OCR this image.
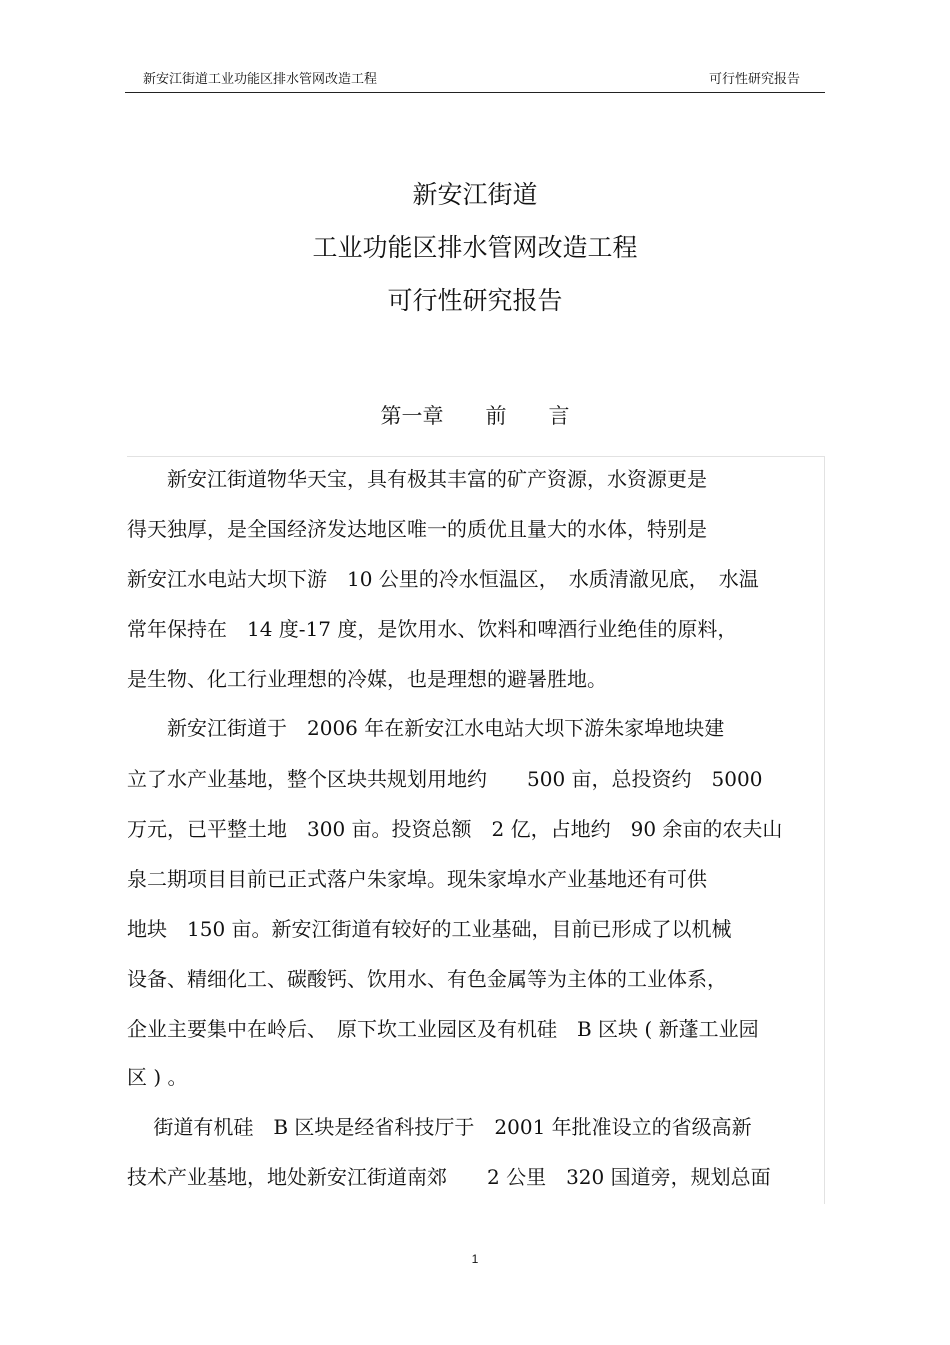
新安江街道工业功能区排水管网改造工程	可行性研究报告
新安江街道
工业功能区排水管网改造工程
可行性研究报告
第一章 前 言
　　新安江街道物华天宝，具有极其丰富的矿产资源，水资源更是
得天独厚，是全国经济发达地区唯一的质优且量大的水体，特别是
新安江水电站大坝下游　10 公里的冷水恒温区，　水质清澈见底，　水温
常年保持在　14 度-17 度，是饮用水、饮料和啤酒行业绝佳的原料，
是生物、化工行业理想的冷媒，也是理想的避暑胜地。
　　新安江街道于　2006 年在新安江水电站大坝下游朱家埠地块建
立了水产业基地，整个区块共规划用地约　　500 亩，总投资约　5000
万元，已平整土地　300 亩。投资总额　2 亿，占地约　90 余亩的农夫山
泉二期项目目前已正式落户朱家埠。现朱家埠水产业基地还有可供
地块　150 亩。新安江街道有较好的工业基础，目前已形成了以机械
设备、精细化工、碳酸钙、饮用水、有色金属等为主体的工业体系，
企业主要集中在岭后、　原下坎工业园区及有机硅　B 区块 ( 新蓬工业园
区 ) 。
　 街道有机硅　B 区块是经省科技厅于　2001 年批准设立的省级高新
技术产业基地，地处新安江街道南郊　　2 公里　320 国道旁，规划总面
1
